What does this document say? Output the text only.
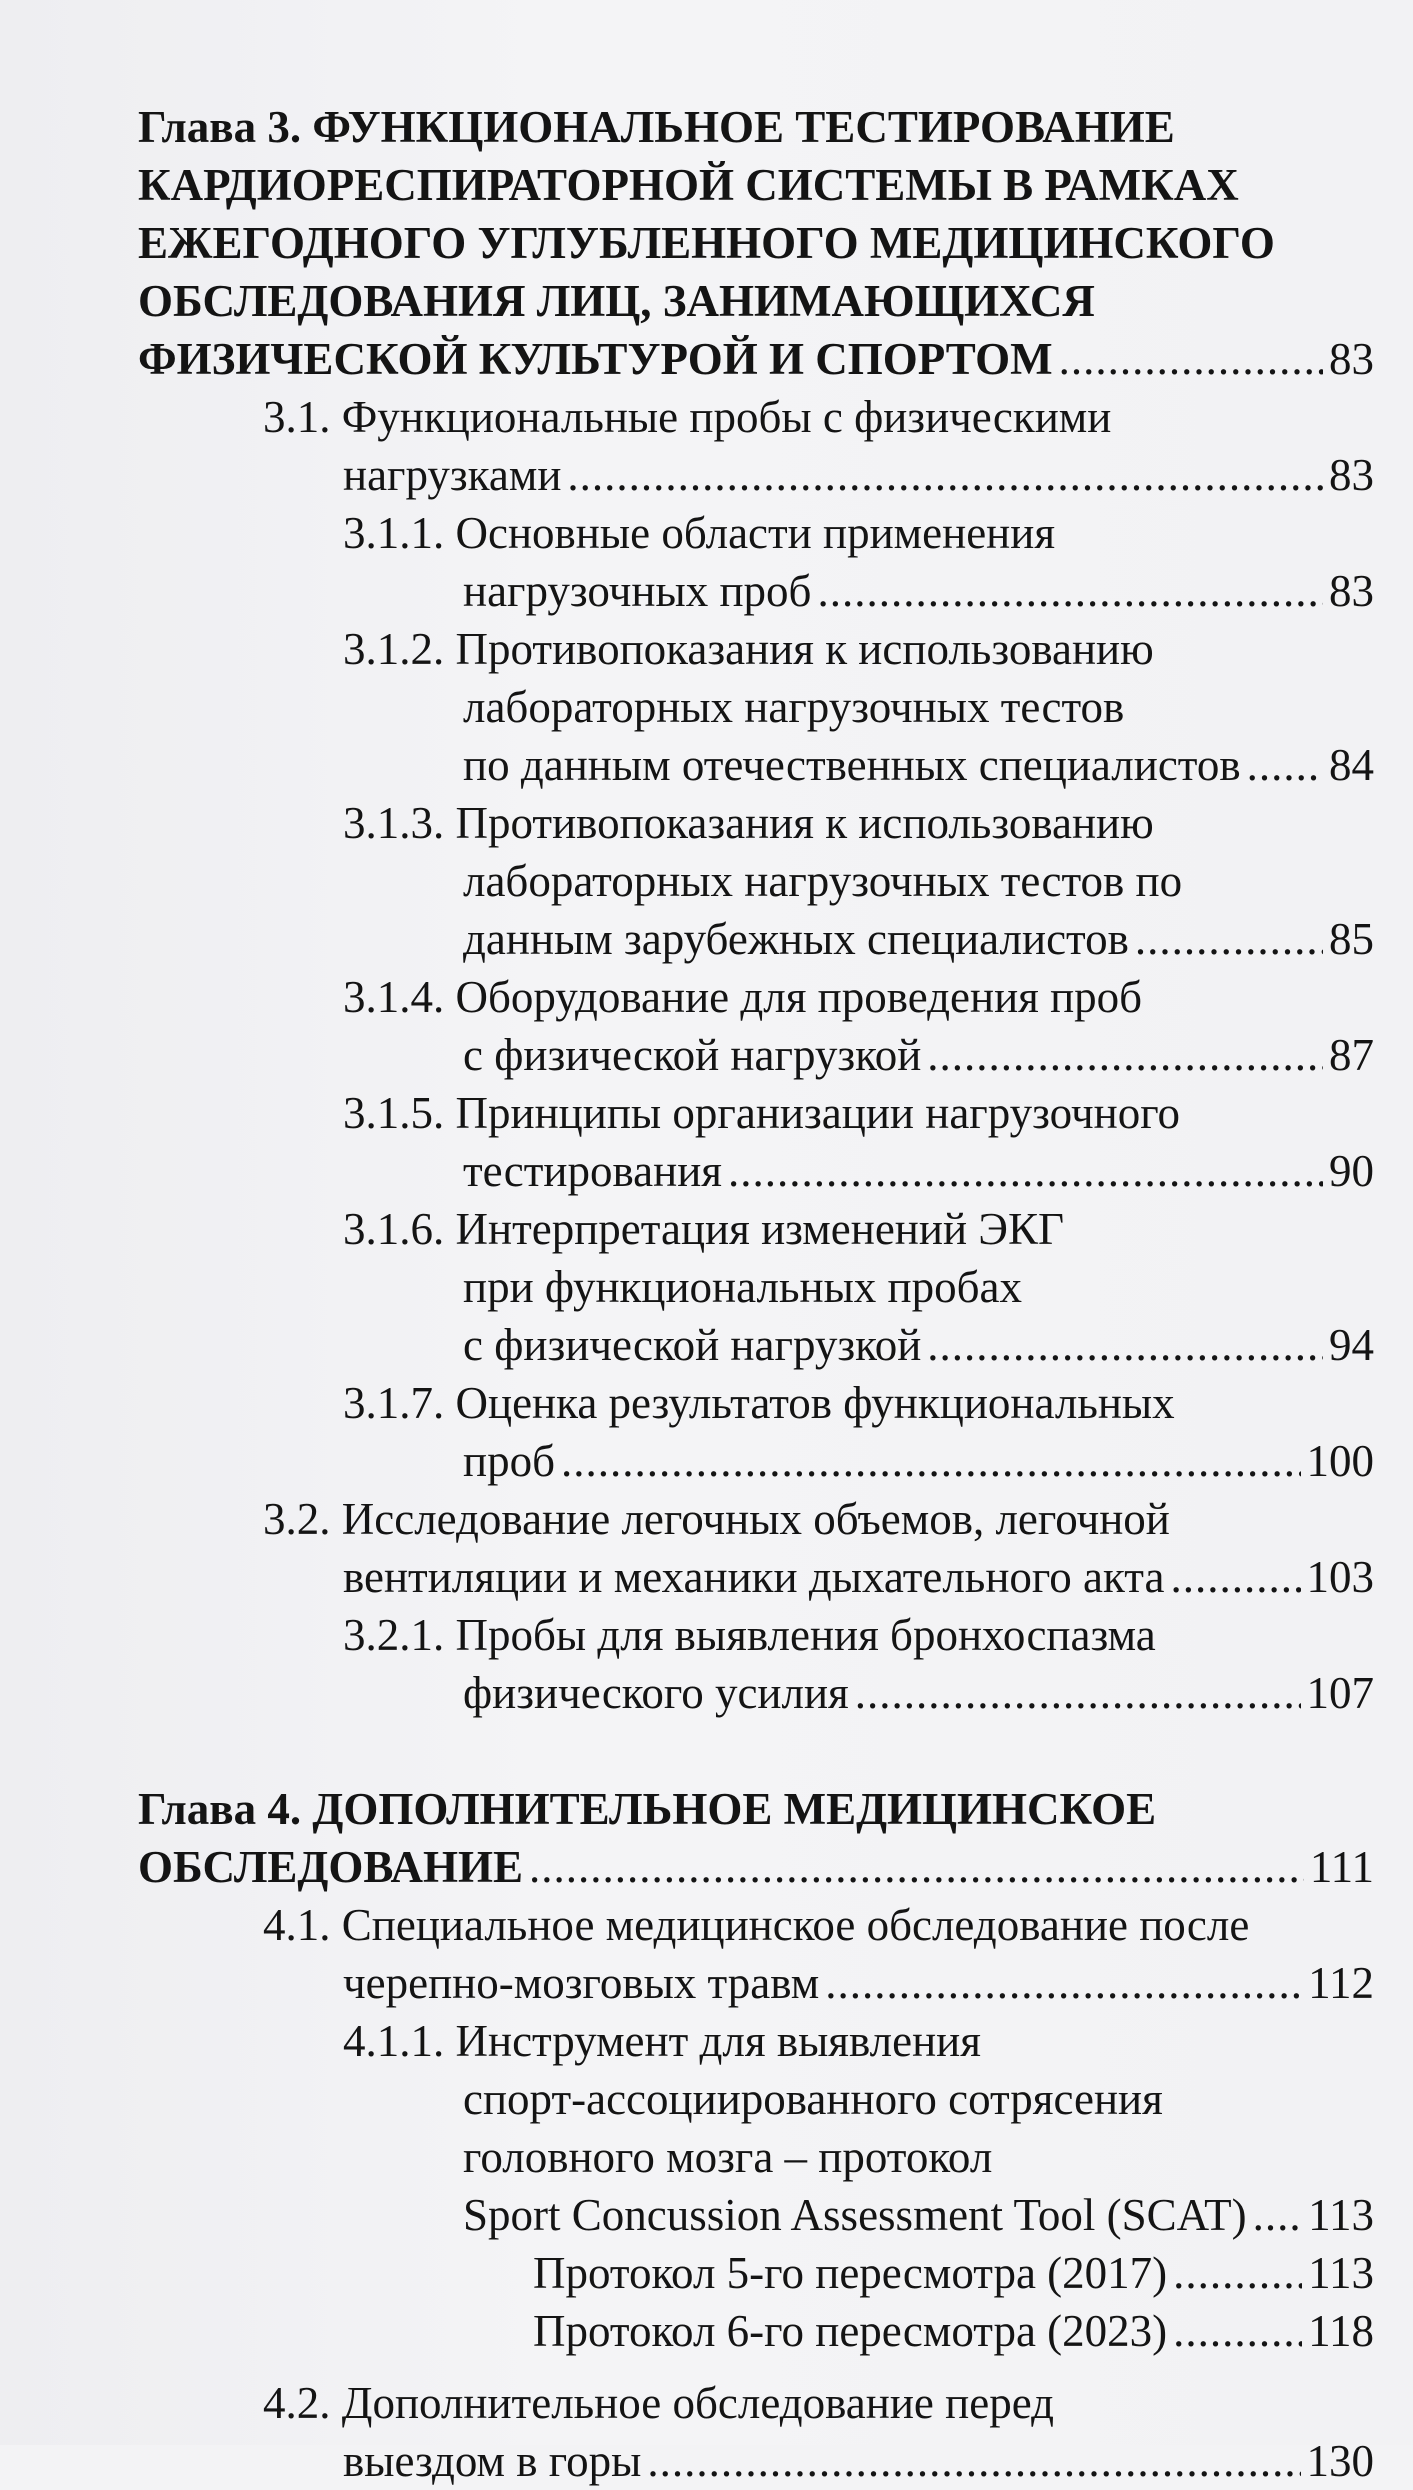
Глава 3. ФУНКЦИОНАЛЬНОЕ ТЕСТИРОВАНИЕ
КАРДИОРЕСПИРАТОРНОЙ СИСТЕМЫ В РАМКАХ
ЕЖЕГОДНОГО УГЛУБЛЕННОГО МЕДИЦИНСКОГО
ОБСЛЕДОВАНИЯ ЛИЦ, ЗАНИМАЮЩИХСЯ
ФИЗИЧЕСКОЙ КУЛЬТУРОЙ И СПОРТОМ .....	83
3.1. Функциональные пробы с физическими
нагрузками .....	83
3.1.1. Основные области применения
нагрузочных проб .....	83
3.1.2. Противопоказания к использованию
лабораторных нагрузочных тестов
по данным отечественных специалистов ..... 84
3.1.3. Противопоказания к использованию
лабораторных нагрузочных тестов по
данным зарубежных специалистов .....	85
3.1.4. Оборудование для проведения проб
с физической нагрузкой .....	87
3.1.5. Принципы организации нагрузочного
тестирования .....	90
3.1.6. Интерпретация изменений ЭКГ
при функциональных пробах
с физической нагрузкой .....	94
3.1.7. Оценка результатов функциональных
проб .....	100
3.2. Исследование легочных объемов, легочной
вентиляции и механики дыхательного акта .....	103
3.2.1. Пробы для выявления бронхоспазма
физического усилия .....	107
Глава 4. ДОПОЛНИТЕЛЬНОЕ МЕДИЦИНСКОЕ
ОБСЛЕДОВАНИЕ .....	111
4.1. Специальное медицинское обследование после
черепно-мозговых травм .....	112
4.1.1. Инструмент для выявления
спорт-ассоциированного сотрясения
головного мозга – протокол
Sport Concussion Assessment Tool (SCAT) ..... 113
Протокол 5-го пересмотра (2017) .....	113
Протокол 6-го пересмотра (2023) .....	118
4.2. Дополнительное обследование перед
выездом в горы .....	130
